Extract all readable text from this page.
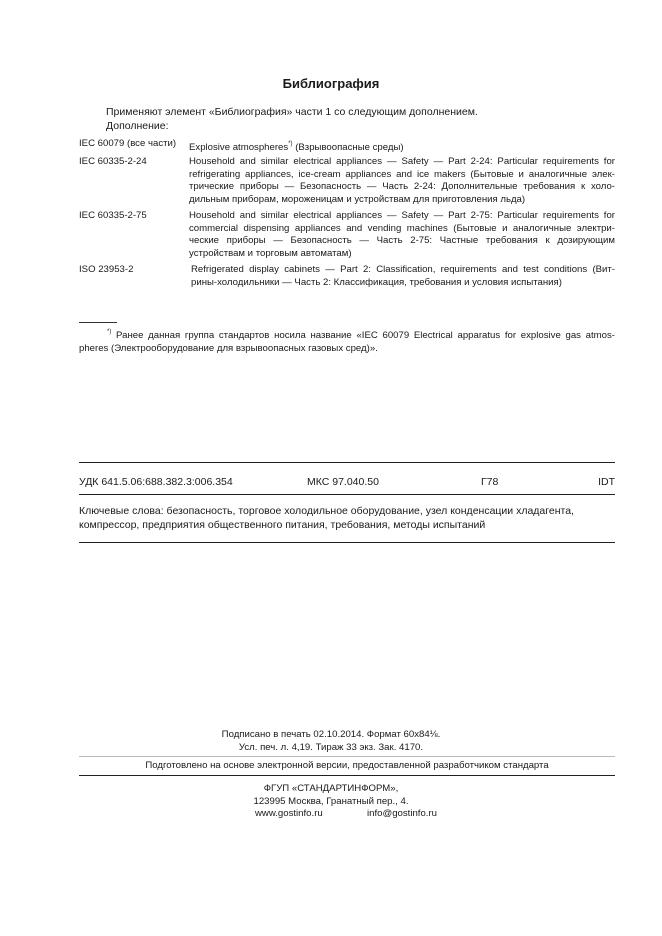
Библиография
Применяют элемент «Библиография» части 1 со следующим дополнением.
Дополнение:
IEC 60079 (все части)	Explosive atmospheres*) (Взрывоопасные среды)
IEC 60335-2-24	Household and similar electrical appliances — Safety — Part 2-24: Particular requirements for
refrigerating appliances, ice-cream appliances and ice makers (Бытовые и аналогичные элек-
трические приборы — Безопасность — Часть 2-24: Дополнительные требования к холо-
дильным приборам, мороженицам и устройствам для приготовления льда)
IEC 60335-2-75	Household and similar electrical appliances — Safety — Part 2-75: Particular requirements for
commercial dispensing appliances and vending machines (Бытовые и аналогичные электри-
ческие приборы — Безопасность — Часть 2-75: Частные требования к дозирующим
устройствам и торговым автоматам)
ISO 23953-2	Refrigerated display cabinets — Part 2: Classification, requirements and test conditions (Вит-
рины-холодильники — Часть 2: Классификация, требования и условия испытания)
*) Ранее данная группа стандартов носила название «IEC 60079 Electrical apparatus for explosive gas atmos-
pheres (Электрооборудование для взрывоопасных газовых сред)».
УДК 641.5.06:688.382.3:006.354	МКС 97.040.50	Г78	IDT
Ключевые слова: безопасность, торговое холодильное оборудование, узел конденсации хладагента,
компрессор, предприятия общественного питания, требования, методы испытаний
Подписано в печать 02.10.2014. Формат 60x84⅛.
Усл. печ. л. 4,19. Тираж 33 экз. Зак. 4170.
Подготовлено на основе электронной версии, предоставленной разработчиком стандарта
ФГУП «СТАНДАРТИНФОРМ»,
123995 Москва, Гранатный пер., 4.
www.gostinfo.ru	info@gostinfo.ru
